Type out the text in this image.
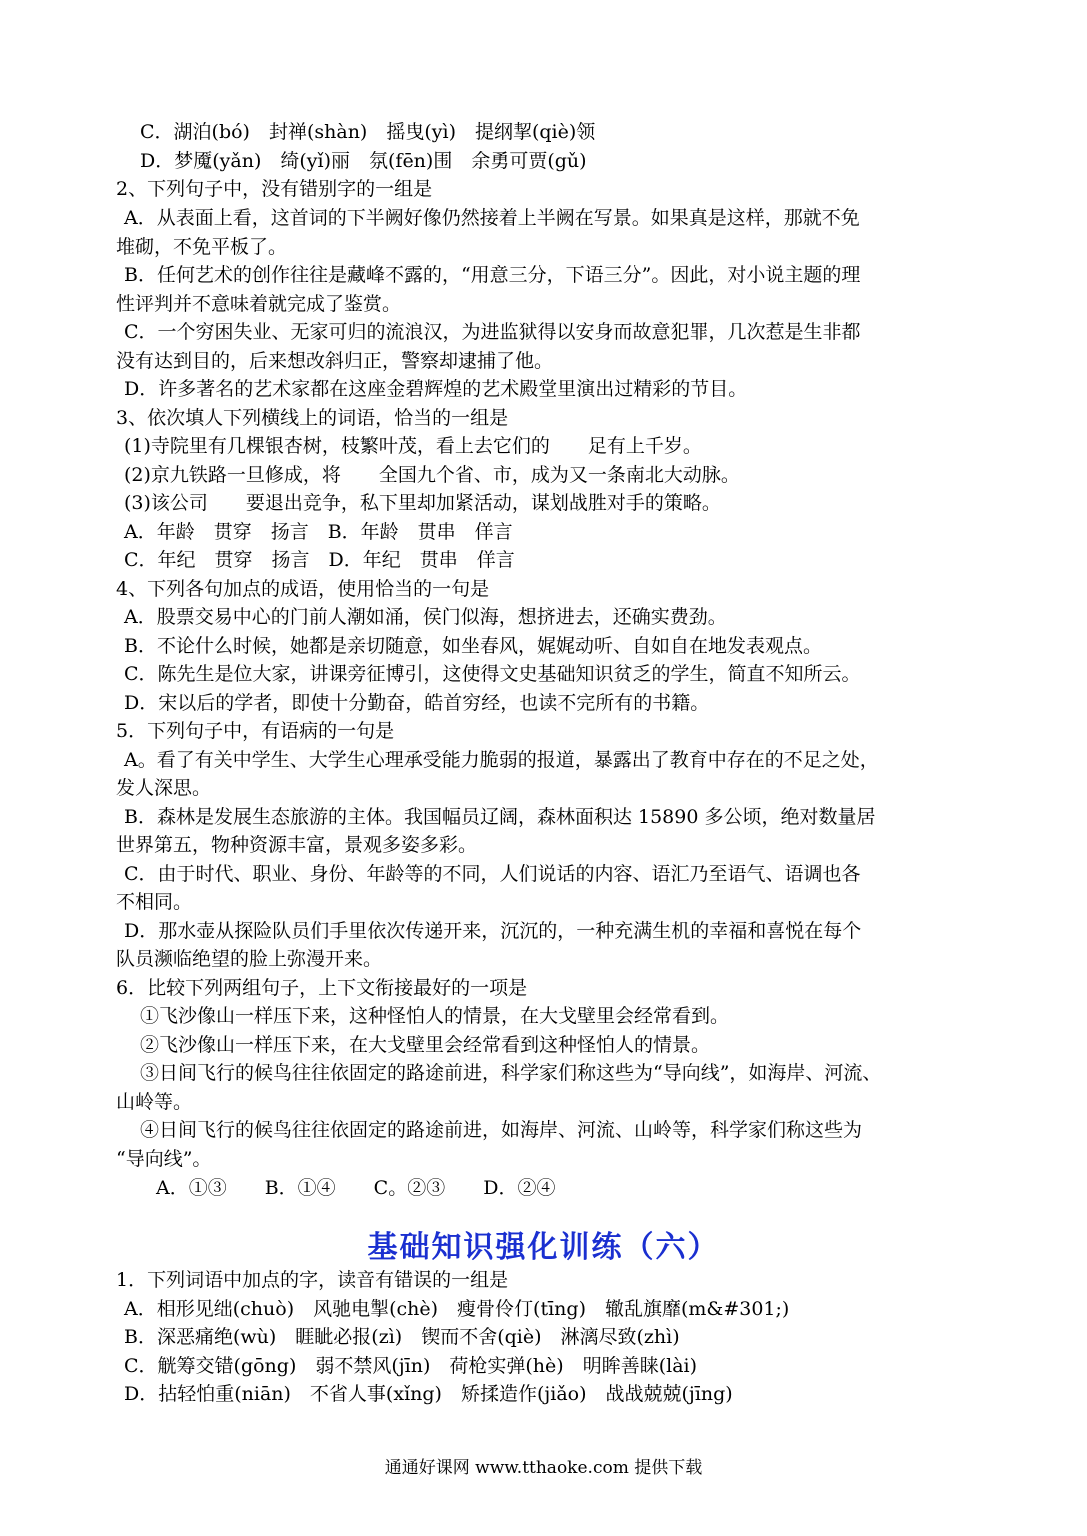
C．湖泊(bó)　封禅(shàn)　摇曳(yì)　提纲挈(qiè)领
D．梦魇(yǎn)　绮(yǐ)丽　氛(fēn)围　余勇可贾(gǔ)
2、下列句子中，没有错别字的一组是
A．从表面上看，这首词的下半阙好像仍然接着上半阙在写景。如果真是这样，那就不免
堆砌，不免平板了。
B．任何艺术的创作往往是藏峰不露的，“用意三分，下语三分”。因此，对小说主题的理
性评判并不意味着就完成了鉴赏。
C．一个穷困失业、无家可归的流浪汉，为进监狱得以安身而故意犯罪，几次惹是生非都
没有达到目的，后来想改斜归正，警察却逮捕了他。
D．许多著名的艺术家都在这座金碧辉煌的艺术殿堂里演出过精彩的节目。
3、依次填人下列横线上的词语，恰当的一组是
(1)寺院里有几棵银杏树，枝繁叶茂，看上去它们的　　足有上千岁。
(2)京九铁路一旦修成，将　　全国九个省、市，成为又一条南北大动脉。
(3)该公司　　要退出竞争，私下里却加紧活动，谋划战胜对手的策略。
A．年龄　贯穿　扬言　B．年龄　贯串　佯言
C．年纪　贯穿　扬言　D．年纪　贯串　佯言
4、下列各句加点的成语，使用恰当的一句是
A．股票交易中心的门前人潮如涌，侯门似海，想挤进去，还确实费劲。
B．不论什么时候，她都是亲切随意，如坐春风，娓娓动听、自如自在地发表观点。
C．陈先生是位大家，讲课旁征博引，这使得文史基础知识贫乏的学生，简直不知所云。
D．宋以后的学者，即使十分勤奋，皓首穷经，也读不完所有的书籍。
5．下列句子中，有语病的一句是
A。看了有关中学生、大学生心理承受能力脆弱的报道，暴露出了教育中存在的不足之处，
发人深思。
B．森林是发展生态旅游的主体。我国幅员辽阔，森林面积达 15890 多公顷，绝对数量居
世界第五，物种资源丰富，景观多姿多彩。
C．由于时代、职业、身份、年龄等的不同，人们说话的内容、语汇乃至语气、语调也各
不相同。
D．那水壶从探险队员们手里依次传递开来，沉沉的，一种充满生机的幸福和喜悦在每个
队员濒临绝望的脸上弥漫开来。
6．比较下列两组句子，上下文衔接最好的一项是
①飞沙像山一样压下来，这种怪怕人的情景，在大戈壁里会经常看到。
②飞沙像山一样压下来，在大戈壁里会经常看到这种怪怕人的情景。
③日间飞行的候鸟往往依固定的路途前进，科学家们称这些为“导向线”，如海岸、河流、
山岭等。
④日间飞行的候鸟往往依固定的路途前进，如海岸、河流、山岭等，科学家们称这些为
“导向线”。
A．①③　　B．①④　　C。②③　　D．②④
基础知识强化训练（六）
1．下列词语中加点的字，读音有错误的一组是
A．相形见绌(chuò)　风驰电掣(chè)　瘦骨伶仃(tīng)　辙乱旗靡(m&#301;)
B．深恶痛绝(wù)　睚眦必报(zì)　锲而不舍(qiè)　淋漓尽致(zhì)
C．觥筹交错(gōng)　弱不禁风(jīn)　荷枪实弹(hè)　明眸善睐(lài)
D．拈轻怕重(niān)　不省人事(xǐng)　矫揉造作(jiǎo)　战战兢兢(jīng)
通通好课网 www.tthaoke.com 提供下载
